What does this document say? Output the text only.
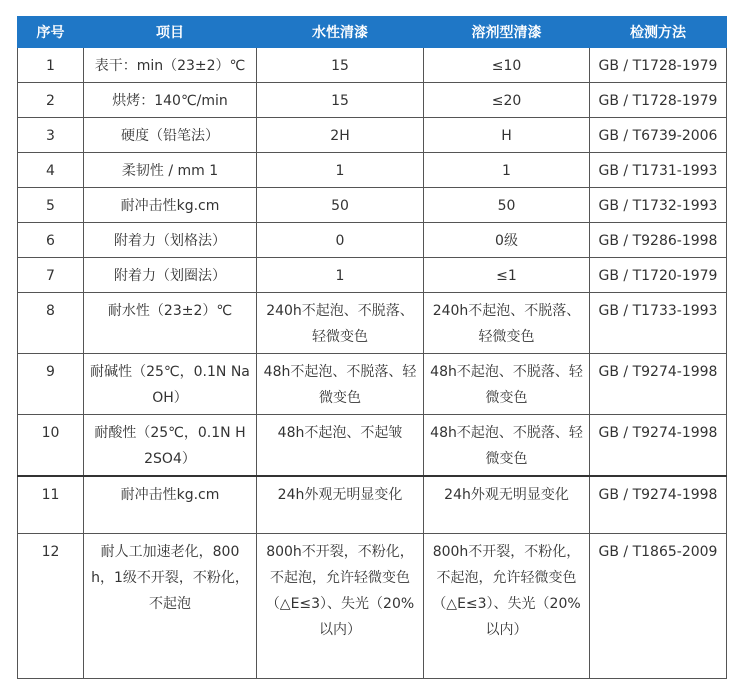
序号	项目	水性清漆	溶剂型清漆	检测方法
1	表干：min（23±2）℃	15	≤10	GB / T1728-1979
2	烘烤：140℃/min	15	≤20	GB / T1728-1979
3	硬度（铅笔法）	2H	H	GB / T6739-2006
4	柔韧性 / mm 1	1	1	GB / T1731-1993
5	耐冲击性kg.cm	50	50	GB / T1732-1993
6	附着力（划格法）	0	0级	GB / T9286-1998
7	附着力（划圈法）	1	≤1	GB / T1720-1979
8	耐水性（23±2）℃	240h不起泡、不脱落、轻微变色	240h不起泡、不脱落、轻微变色	GB / T1733-1993
9	耐碱性（25℃，0.1N NaOH）	48h不起泡、不脱落、轻微变色	48h不起泡、不脱落、轻微变色	GB / T9274-1998
10	耐酸性（25℃，0.1N H2SO4）	48h不起泡、不起皱	48h不起泡、不脱落、轻微变色	GB / T9274-1998
11	耐冲击性kg.cm	24h外观无明显变化	24h外观无明显变化	GB / T9274-1998
12	耐人工加速老化，800h，1级不开裂，不粉化，不起泡	800h不开裂，不粉化，不起泡，允许轻微变色　（△E≤3）、失光（20%以内）	800h不开裂，不粉化，不起泡，允许轻微变色（△E≤3）、失光（20%以内）	GB / T1865-2009
